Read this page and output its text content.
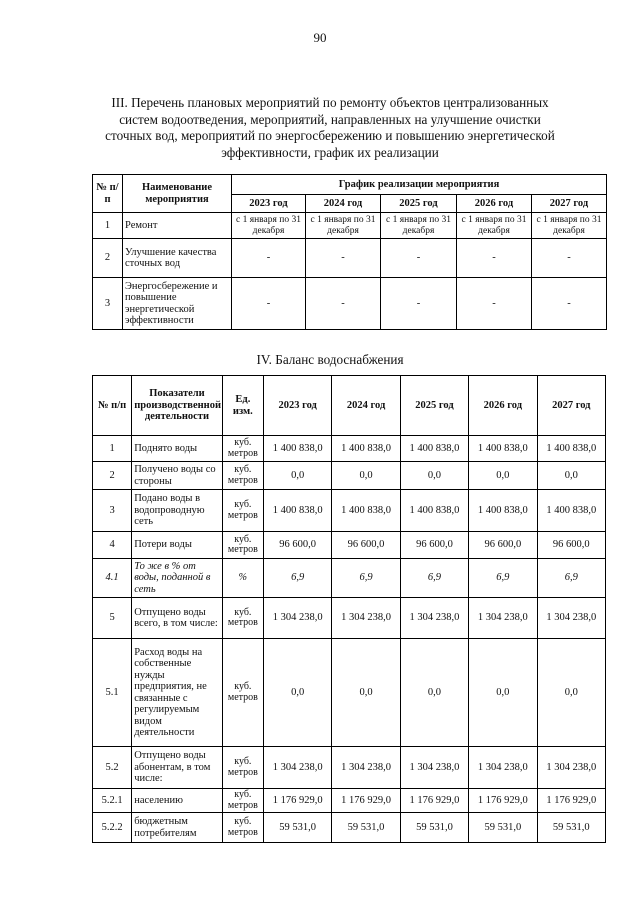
90
III. Перечень плановых мероприятий по ремонту объектов централизованных систем водоотведения, мероприятий, направленных на улучшение очистки сточных вод, мероприятий по энергосбережению и повышению энергетической эффективности, график их реализации
№ п/п	Наименование мероприятия	График реализации мероприятия				
		2023 год	2024 год	2025 год	2026 год	2027 год
1	Ремонт	с 1 января по 31 декабря	с 1 января по 31 декабря	с 1 января по 31 декабря	с 1 января по 31 декабря	с 1 января по 31 декабря
2	Улучшение качества сточных вод	-	-	-	-	-
3	Энергосбережение и повышение энергетической эффективности	-	-	-	-	-
IV. Баланс водоснабжения
№ п/п	Показатели производственной деятельности	Ед. изм.	2023 год	2024 год	2025 год	2026 год	2027 год
1	Поднято воды	куб. метров	1 400 838,0	1 400 838,0	1 400 838,0	1 400 838,0	1 400 838,0
2	Получено воды со стороны	куб. метров	0,0	0,0	0,0	0,0	0,0
3	Подано воды в водопроводную сеть	куб. метров	1 400 838,0	1 400 838,0	1 400 838,0	1 400 838,0	1 400 838,0
4	Потери воды	куб. метров	96 600,0	96 600,0	96 600,0	96 600,0	96 600,0
4.1	То же в % от воды, поданной в сеть	%	6,9	6,9	6,9	6,9	6,9
5	Отпущено воды всего, в том числе:	куб. метров	1 304 238,0	1 304 238,0	1 304 238,0	1 304 238,0	1 304 238,0
5.1	Расход воды на собственные нужды предприятия, не связанные с регулируемым видом деятельности	куб. метров	0,0	0,0	0,0	0,0	0,0
5.2	Отпущено воды абонентам, в том числе:	куб. метров	1 304 238,0	1 304 238,0	1 304 238,0	1 304 238,0	1 304 238,0
5.2.1	населению	куб. метров	1 176 929,0	1 176 929,0	1 176 929,0	1 176 929,0	1 176 929,0
5.2.2	бюджетным потребителям	куб. метров	59 531,0	59 531,0	59 531,0	59 531,0	59 531,0
